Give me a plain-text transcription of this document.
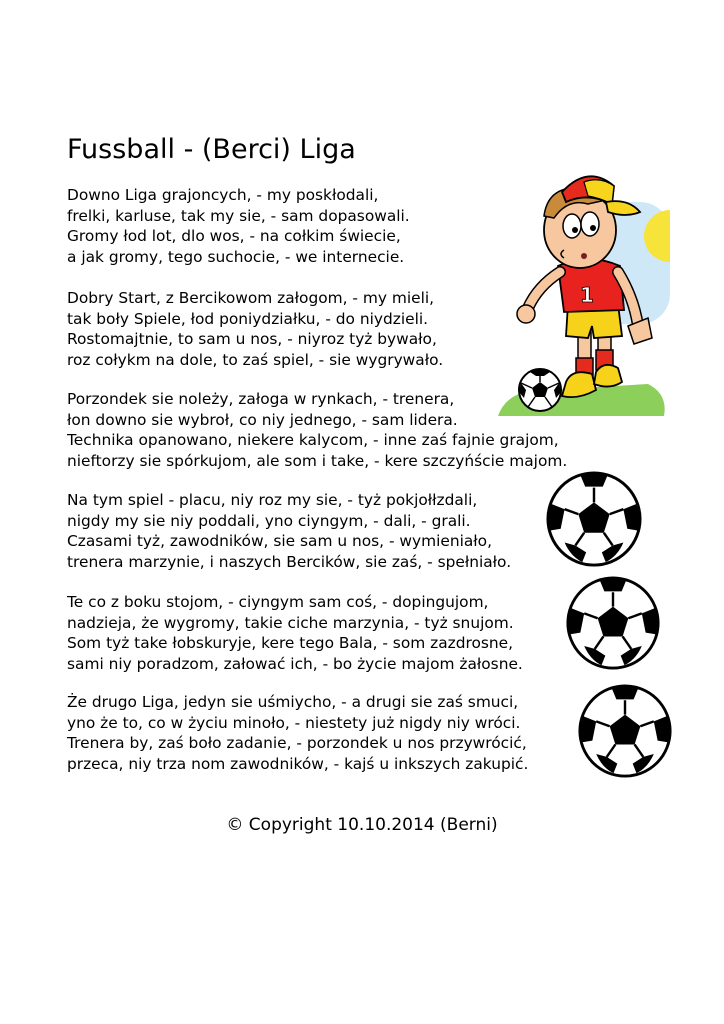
Fussball - (Berci) Liga
Downo Liga grajoncych, - my poskłodali,
frelki, karluse, tak my sie, - sam dopasowali.
Gromy łod lot, dlo wos, - na cołkim świecie,
a jak gromy, tego suchocie, - we internecie.
Dobry Start, z Bercikowom załogom, - my mieli,
tak boły Spiele, łod poniydziałku, - do niydzieli.
Rostomajtnie, to sam u nos, - niyroz tyż bywało,
roz cołykm na dole, to zaś spiel, - sie wygrywało.
Porzondek sie noleży, załoga w rynkach, - trenera,
łon downo sie wybroł, co niy jednego, - sam lidera.
Technika opanowano, niekere kalycom, - inne zaś fajnie grajom,
nieftorzy sie spórkujom, ale som i take, - kere szczyńście majom.
Na tym spiel - placu, niy roz my sie, - tyż pokjołłzdali,
nigdy my sie niy poddali, yno ciyngym, - dali, - grali.
Czasami tyż, zawodników, sie sam u nos, - wymieniało,
trenera marzynie, i naszych Bercików, sie zaś, - spełniało.
Te co z boku stojom, - ciyngym sam coś, - dopingujom,
nadzieja, że wygromy, takie ciche marzynia, - tyż snujom.
Som tyż take łobskuryje, kere tego Bala, - som zazdrosne,
sami niy poradzom, załować ich, - bo życie majom żałosne.
Że drugo Liga, jedyn sie uśmiycho, - a drugi sie zaś smuci,
yno że to, co w życiu minoło, - niestety już nigdy niy wróci.
Trenera by, zaś boło zadanie, - porzondek u nos przywrócić,
przeca, niy trza nom zawodników, - kajś u inkszych zakupić.
© Copyright 10.10.2014 (Berni)
1
